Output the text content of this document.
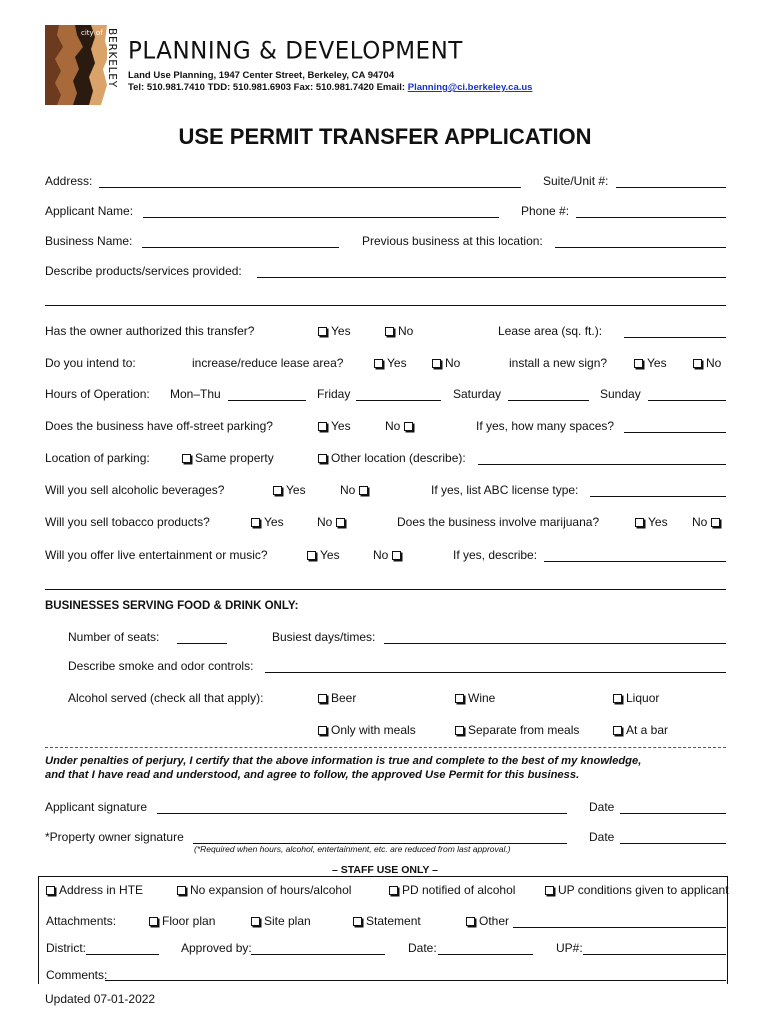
city of BERKELEY PLANNING & DEVELOPMENT
Land Use Planning, 1947 Center Street, Berkeley, CA 94704
Tel: 510.981.7410 TDD: 510.981.6903 Fax: 510.981.7420 Email: Planning@ci.berkeley.ca.us
USE PERMIT TRANSFER APPLICATION
Address:	Suite/Unit #:
Applicant Name:	Phone #:
Business Name:	Previous business at this location:
Describe products/services provided:
Has the owner authorized this transfer?	Yes	No	Lease area (sq. ft.):
Do you intend to:	increase/reduce lease area?	Yes	No	install a new sign?	Yes	No
Hours of Operation: Mon–Thu	Friday	Saturday	Sunday
Does the business have off-street parking?	Yes	No	If yes, how many spaces?
Location of parking:	Same property	Other location (describe):
Will you sell alcoholic beverages?	Yes	No	If yes, list ABC license type:
Will you sell tobacco products?	Yes	No	Does the business involve marijuana?	Yes No
Will you offer live entertainment or music?	Yes	No	If yes, describe:
BUSINESSES SERVING FOOD & DRINK ONLY:
Number of seats:	Busiest days/times:
Describe smoke and odor controls:
Alcohol served (check all that apply):	Beer	Wine	Liquor
Only with meals	Separate from meals	At a bar
Under penalties of perjury, I certify that the above information is true and complete to the best of my knowledge,
and that I have read and understood, and agree to follow, the approved Use Permit for this business.
Applicant signature	Date
*Property owner signature	Date
(*Required when hours, alcohol, entertainment, etc. are reduced from last approval.)
– STAFF USE ONLY –
Address in HTE	No expansion of hours/alcohol	PD notified of alcohol	UP conditions given to applicant
Attachments:	Floor plan	Site plan	Statement	Other
District:	Approved by:	Date:	UP#:
Comments:
Updated 07-01-2022
